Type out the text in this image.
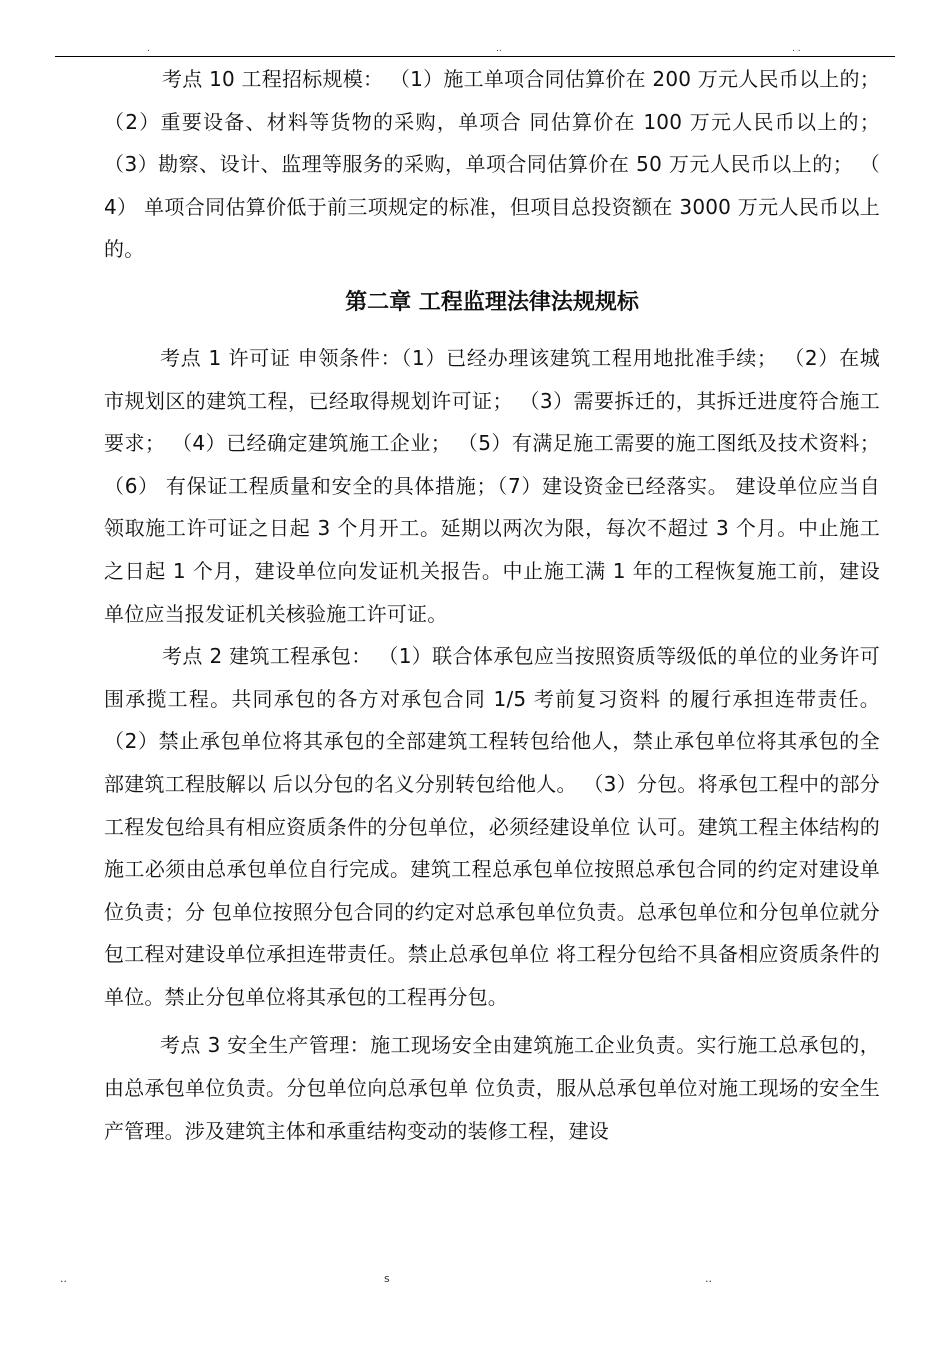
.	..	. .

考点 10 工程招标规模： （1）施工单项合同估算价在 200 万元人民币以上的； （2）重要设备、材料等货物的采购，单项合 同估算价在 100 万元人民币以上的； （3）勘察、设计、监理等服务的采购，单项合同估算价在 50 万元人民币以上的； （ 4） 单项合同估算价低于前三项规定的标准，但项目总投资额在 3000 万元人民币以上的。

第二章 工程监理法律法规规标

考点 1 许可证 申领条件：（1）已经办理该建筑工程用地批准手续； （2）在城市规划区的建筑工程，已经取得规划许可证； （3）需要拆迁的，其拆迁进度符合施工要求； （4）已经确定建筑施工企业； （5）有满足施工需要的施工图纸及技术资料； （6） 有保证工程质量和安全的具体措施；（7）建设资金已经落实。 建设单位应当自领取施工许可证之日起 3 个月开工。延期以两次为限，每次不超过 3 个月。中止施工之日起 1 个月，建设单位向发证机关报告。中止施工满 1 年的工程恢复施工前，建设单位应当报发证机关核验施工许可证。

考点 2 建筑工程承包： （1）联合体承包应当按照资质等级低的单位的业务许可围承揽工程。共同承包的各方对承包合同 1/5 考前复习资料 的履行承担连带责任。 （2）禁止承包单位将其承包的全部建筑工程转包给他人，禁止承包单位将其承包的全部建筑工程肢解以 后以分包的名义分别转包给他人。 （3）分包。将承包工程中的部分工程发包给具有相应资质条件的分包单位，必须经建设单位 认可。建筑工程主体结构的施工必须由总承包单位自行完成。建筑工程总承包单位按照总承包合同的约定对建设单位负责；分 包单位按照分包合同的约定对总承包单位负责。总承包单位和分包单位就分包工程对建设单位承担连带责任。禁止总承包单位 将工程分包给不具备相应资质条件的单位。禁止分包单位将其承包的工程再分包。

考点 3 安全生产管理：施工现场安全由建筑施工企业负责。实行施工总承包的，由总承包单位负责。分包单位向总承包单 位负责，服从总承包单位对施工现场的安全生产管理。涉及建筑主体和承重结构变动的装修工程，建设

..	s	..
